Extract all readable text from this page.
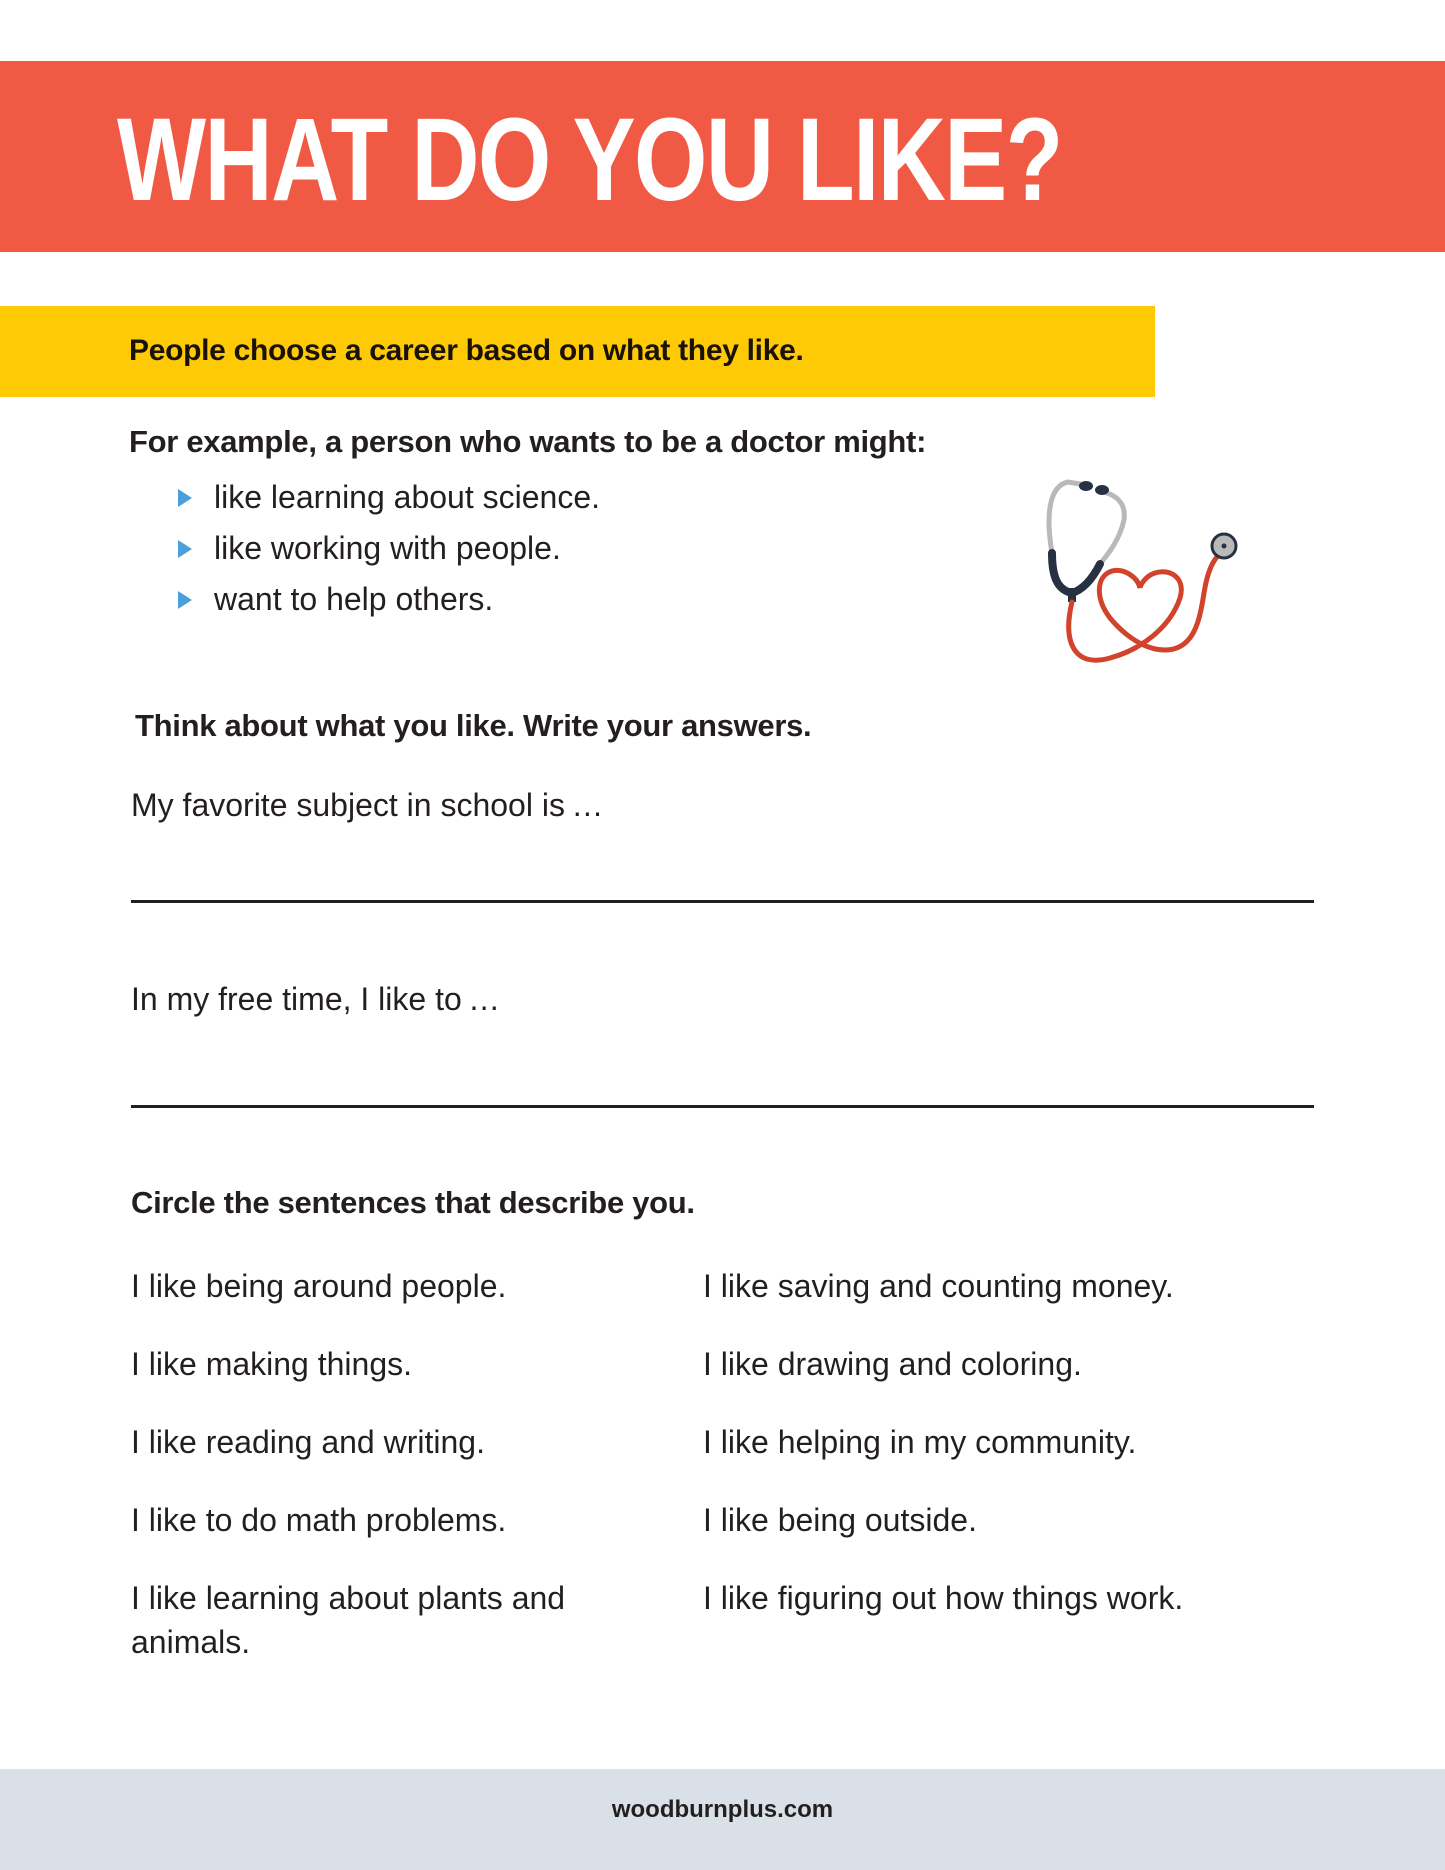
WHAT DO YOU LIKE?

People choose a career based on what they like.

For example, a person who wants to be a doctor might:

like learning about science.
like working with people.
want to help others.
Think about what you like. Write your answers.

My favorite subject in school is …

In my free time, I like to …

Circle the sentences that describe you.
I like being around people.
I like making things.
I like reading and writing.
I like to do math problems.
I like learning about plants and animals.
I like saving and counting money.
I like drawing and coloring.
I like helping in my community.
I like being outside.
I like figuring out how things work.
woodburnplus.com
